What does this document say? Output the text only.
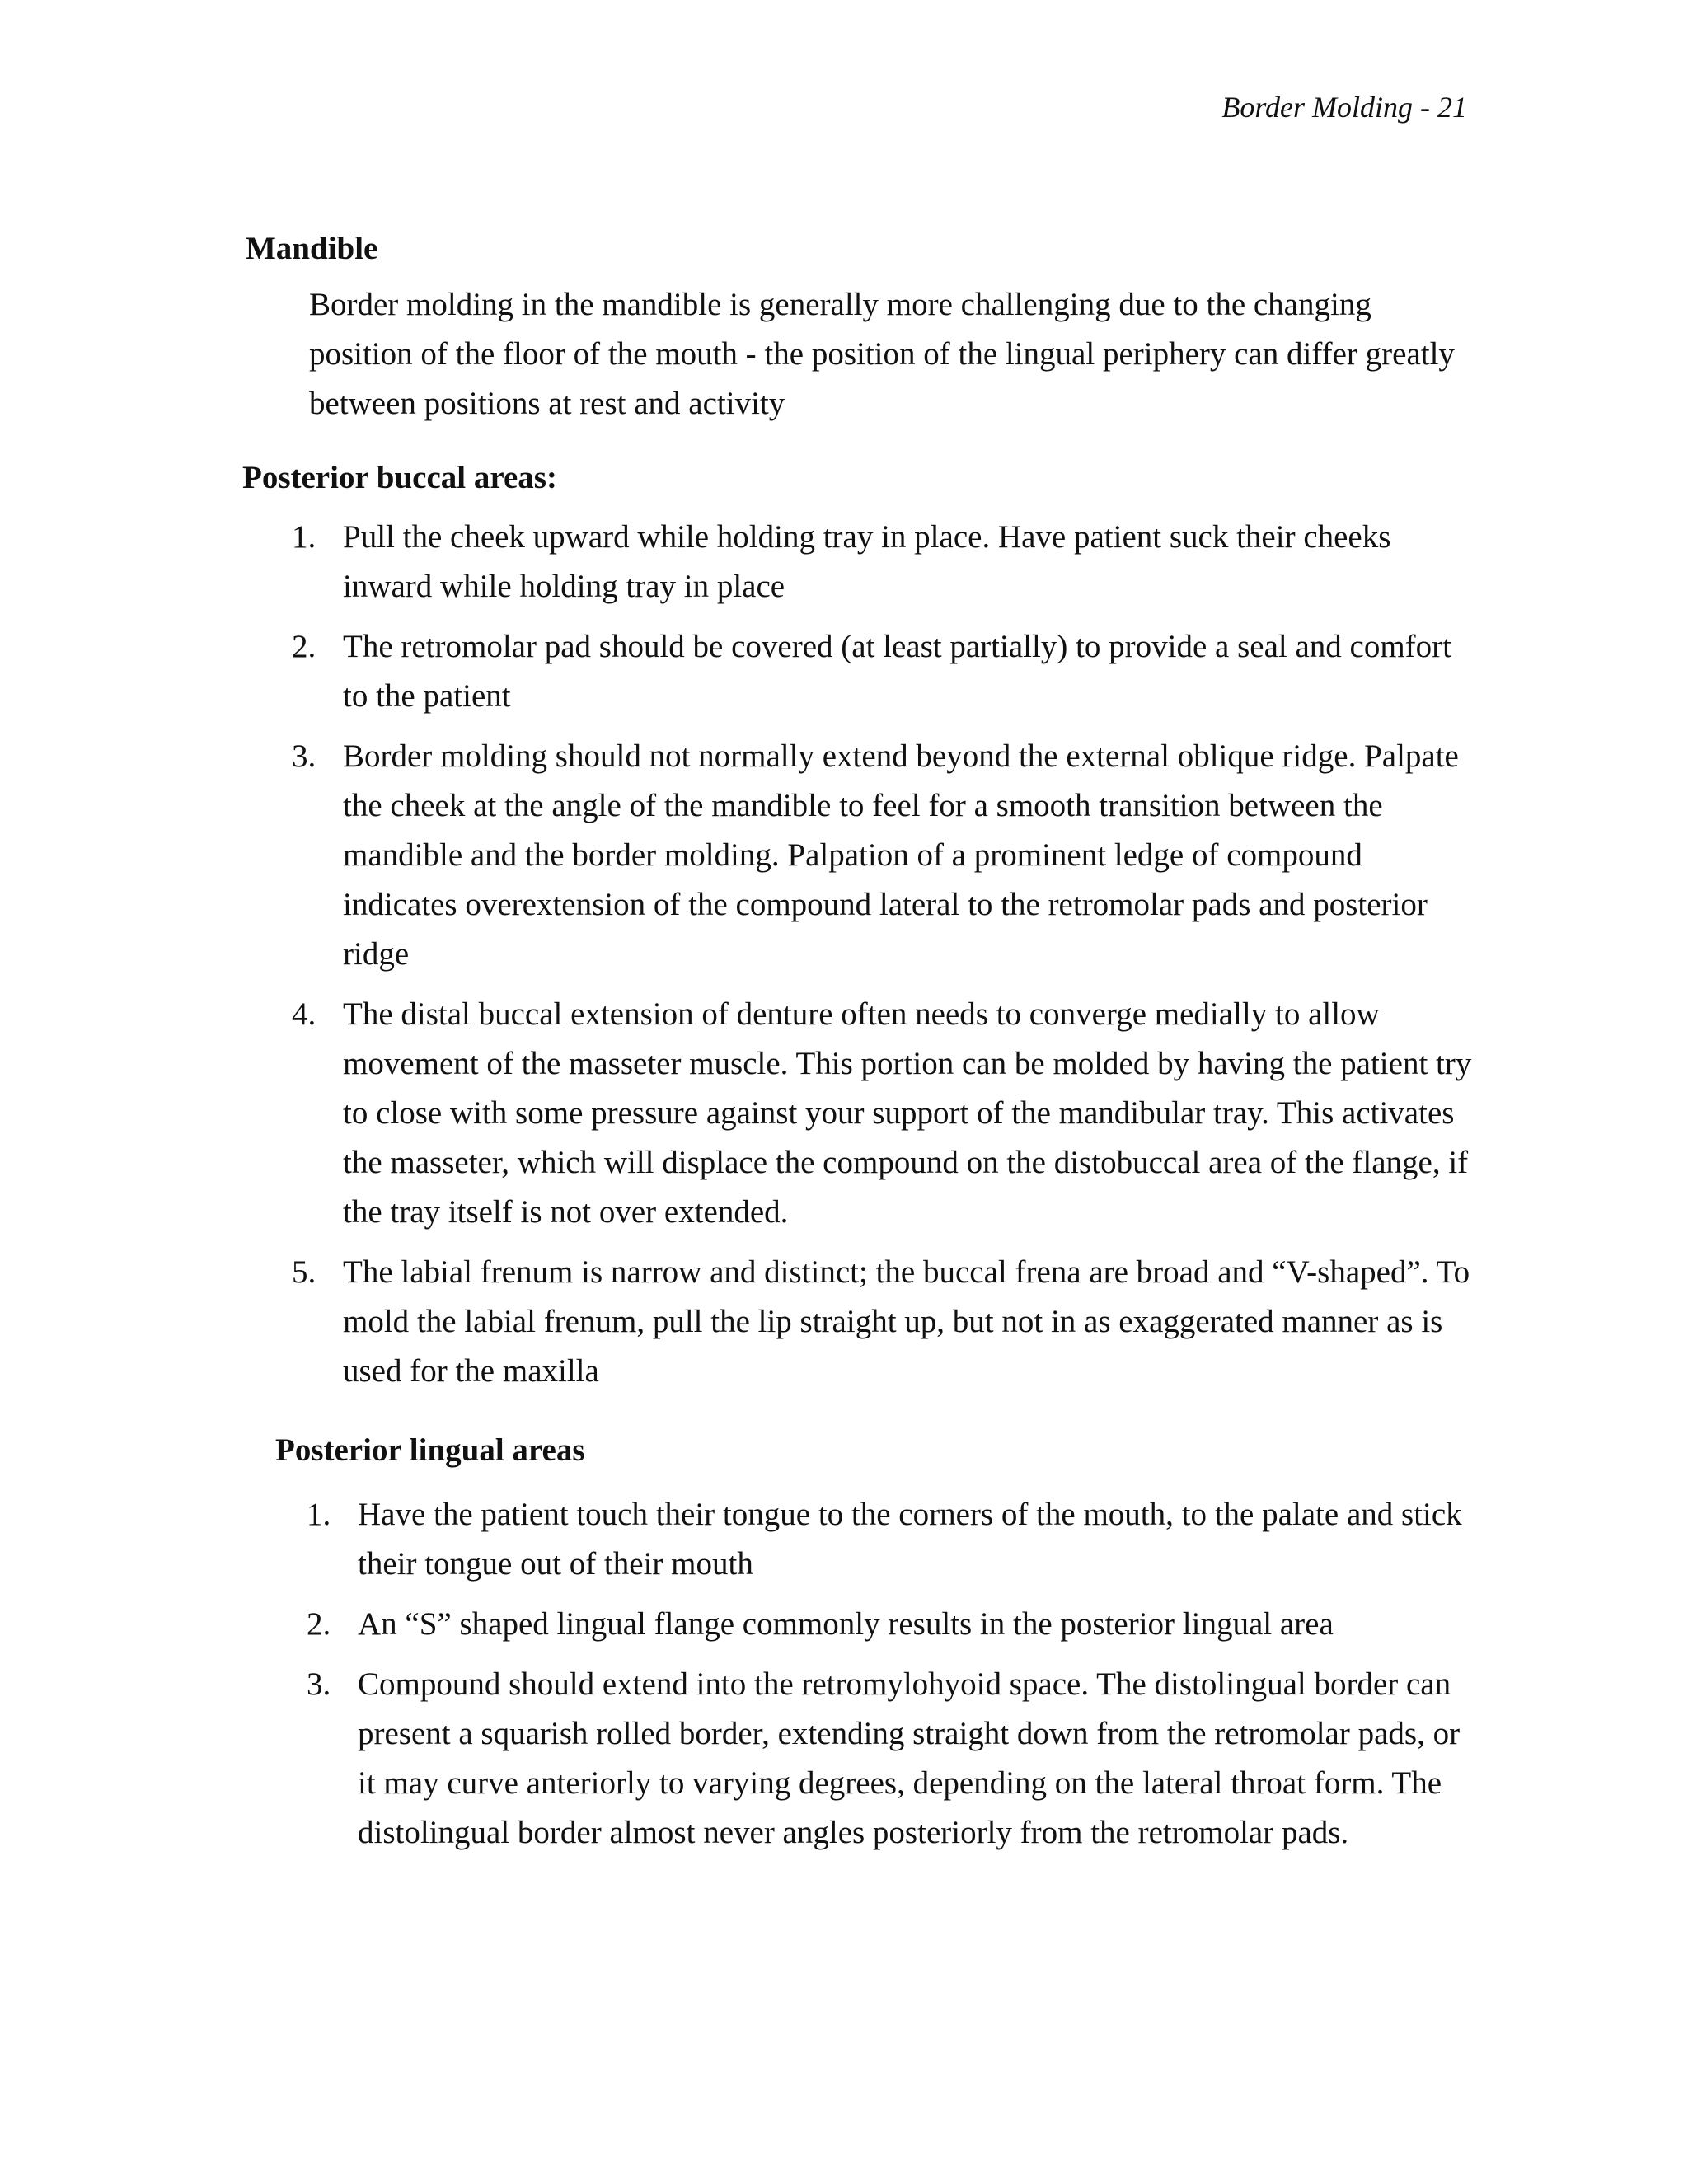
Border Molding - 21
Mandible

Border molding in the mandible is generally more challenging due to the changing position of the floor of the mouth - the position of the lingual periphery can differ greatly between positions at rest and activity

Posterior buccal areas:
1. Pull the cheek upward while holding tray in place. Have patient suck their cheeks inward while holding tray in place
2. The retromolar pad should be covered (at least partially) to provide a seal and comfort to the patient
3. Border molding should not normally extend beyond the external oblique ridge. Palpate the cheek at the angle of the mandible to feel for a smooth transition between the mandible and the border molding. Palpation of a prominent ledge of compound indicates overextension of the compound lateral to the retromolar pads and posterior ridge
4. The distal buccal extension of denture often needs to converge medially to allow movement of the masseter muscle. This portion can be molded by having the patient try to close with some pressure against your support of the mandibular tray. This activates the masseter, which will displace the compound on the distobuccal area of the flange, if the tray itself is not over extended.
5. The labial frenum is narrow and distinct; the buccal frena are broad and “V-shaped”. To mold the labial frenum, pull the lip straight up, but not in as exaggerated manner as is used for the maxilla
Posterior lingual areas
1. Have the patient touch their tongue to the corners of the mouth, to the palate and stick their tongue out of their mouth
2. An “S” shaped lingual flange commonly results in the posterior lingual area
3. Compound should extend into the retromylohyoid space. The distolingual border can present a squarish rolled border, extending straight down from the retromolar pads, or it may curve anteriorly to varying degrees, depending on the lateral throat form. The distolingual border almost never angles posteriorly from the retromolar pads.
